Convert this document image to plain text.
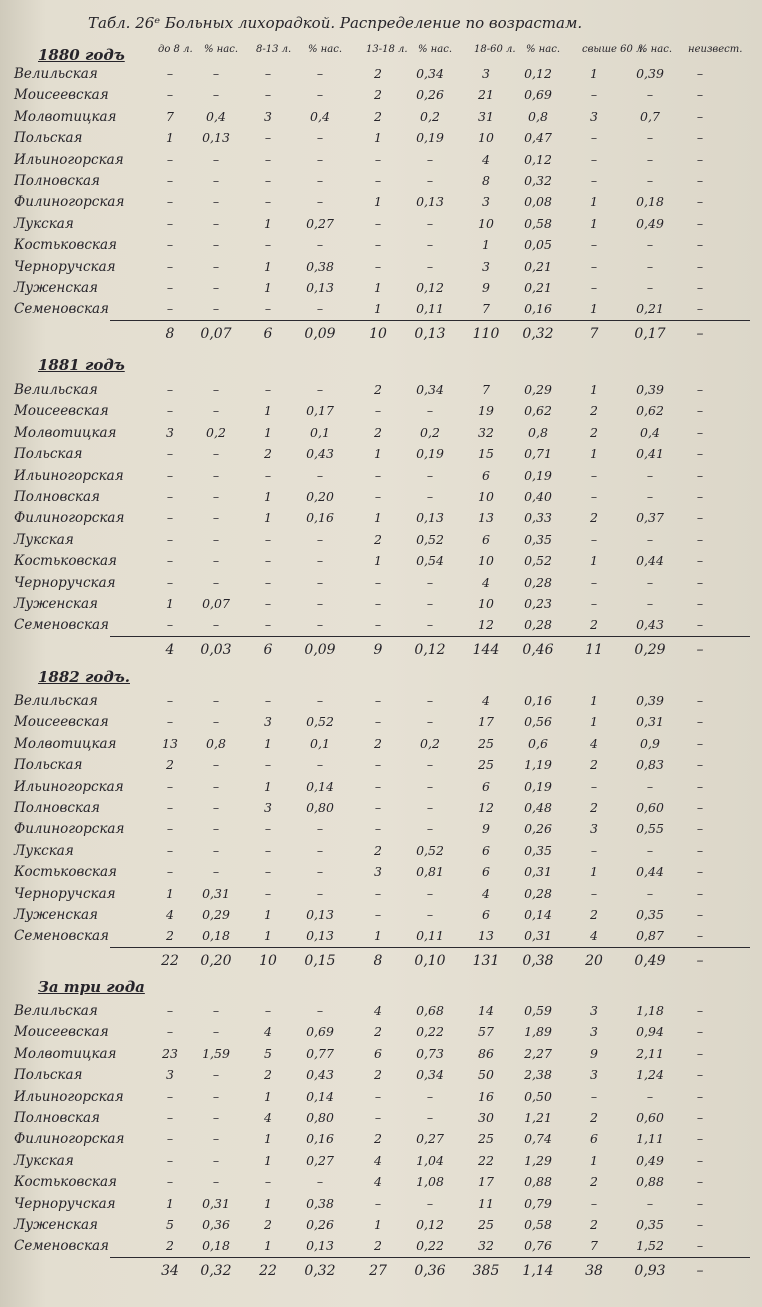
Табл. 26ᵉ Больных лихорадкой. Распределение по возрастам.
до 8 л. % нас. 8-13 л. % нас. 13-18 л. % нас. 18-60 л. % нас. свыше 60 л.
% нас. неизвест.
1880 годъ
Велильская	–	–	–	–	2	0,34	3	0,12	1	0,39	–
Моисеевская	–	–	–	–	2	0,26	21	0,69	–	–	–
Молвотицкая	7	0,4	3	0,4	2	0,2	31	0,8	3	0,7	–
Польская	1	0,13	–	–	1	0,19	10	0,47	–	–	–
Ильиногорская	–	–	–	–	–	–	4	0,12	–	–	–
Полновская	–	–	–	–	–	–	8	0,32	–	–	–
Филиногорская	–	–	–	–	1	0,13	3	0,08	1	0,18	–
Лукская	–	–	1	0,27	–	–	10	0,58	1	0,49	–
Костьковская	–	–	–	–	–	–	1	0,05	–	–	–
Черноручская	–	–	1	0,38	–	–	3	0,21	–	–	–
Луженская	–	–	1	0,13	1	0,12	9	0,21	–	–	–
Семеновская	–	–	–	–	1	0,11	7	0,16	1	0,21	–
8	0,07	6	0,09	10	0,13	110	0,32	7	0,17	–
1881 годъ
Велильская	–	–	–	–	2	0,34	7	0,29	1	0,39	–
Моисеевская	–	–	1	0,17	–	–	19	0,62	2	0,62	–
Молвотицкая	3	0,2	1	0,1	2	0,2	32	0,8	2	0,4	–
Польская	–	–	2	0,43	1	0,19	15	0,71	1	0,41	–
Ильиногорская	–	–	–	–	–	–	6	0,19	–	–	–
Полновская	–	–	1	0,20	–	–	10	0,40	–	–	–
Филиногорская	–	–	1	0,16	1	0,13	13	0,33	2	0,37	–
Лукская	–	–	–	–	2	0,52	6	0,35	–	–	–
Костьковская	–	–	–	–	1	0,54	10	0,52	1	0,44	–
Черноручская	–	–	–	–	–	–	4	0,28	–	–	–
Луженская	1	0,07	–	–	–	–	10	0,23	–	–	–
Семеновская	–	–	–	–	–	–	12	0,28	2	0,43	–
4	0,03	6	0,09	9	0,12	144	0,46	11	0,29	–
1882 годъ.
Велильская	–	–	–	–	–	–	4	0,16	1	0,39	–
Моисеевская	–	–	3	0,52	–	–	17	0,56	1	0,31	–
Молвотицкая	13	0,8	1	0,1	2	0,2	25	0,6	4	0,9	–
Польская	2	–	–	–	–	–	25	1,19	2	0,83	–
Ильиногорская	–	–	1	0,14	–	–	6	0,19	–	–	–
Полновская	–	–	3	0,80	–	–	12	0,48	2	0,60	–
Филиногорская	–	–	–	–	–	–	9	0,26	3	0,55	–
Лукская	–	–	–	–	2	0,52	6	0,35	–	–	–
Костьковская	–	–	–	–	3	0,81	6	0,31	1	0,44	–
Черноручская	1	0,31	–	–	–	–	4	0,28	–	–	–
Луженская	4	0,29	1	0,13	–	–	6	0,14	2	0,35	–
Семеновская	2	0,18	1	0,13	1	0,11	13	0,31	4	0,87	–
22	0,20	10	0,15	8	0,10	131	0,38	20	0,49	–
За три года
Велильская	–	–	–	–	4	0,68	14	0,59	3	1,18	–
Моисеевская	–	–	4	0,69	2	0,22	57	1,89	3	0,94	–
Молвотицкая	23	1,59	5	0,77	6	0,73	86	2,27	9	2,11	–
Польская	3	–	2	0,43	2	0,34	50	2,38	3	1,24	–
Ильиногорская	–	–	1	0,14	–	–	16	0,50	–	–	–
Полновская	–	–	4	0,80	–	–	30	1,21	2	0,60	–
Филиногорская	–	–	1	0,16	2	0,27	25	0,74	6	1,11	–
Лукская	–	–	1	0,27	4	1,04	22	1,29	1	0,49	–
Костьковская	–	–	–	–	4	1,08	17	0,88	2	0,88	–
Черноручская	1	0,31	1	0,38	–	–	11	0,79	–	–	–
Луженская	5	0,36	2	0,26	1	0,12	25	0,58	2	0,35	–
Семеновская	2	0,18	1	0,13	2	0,22	32	0,76	7	1,52	–
34	0,32	22	0,32	27	0,36	385	1,14	38	0,93	–
